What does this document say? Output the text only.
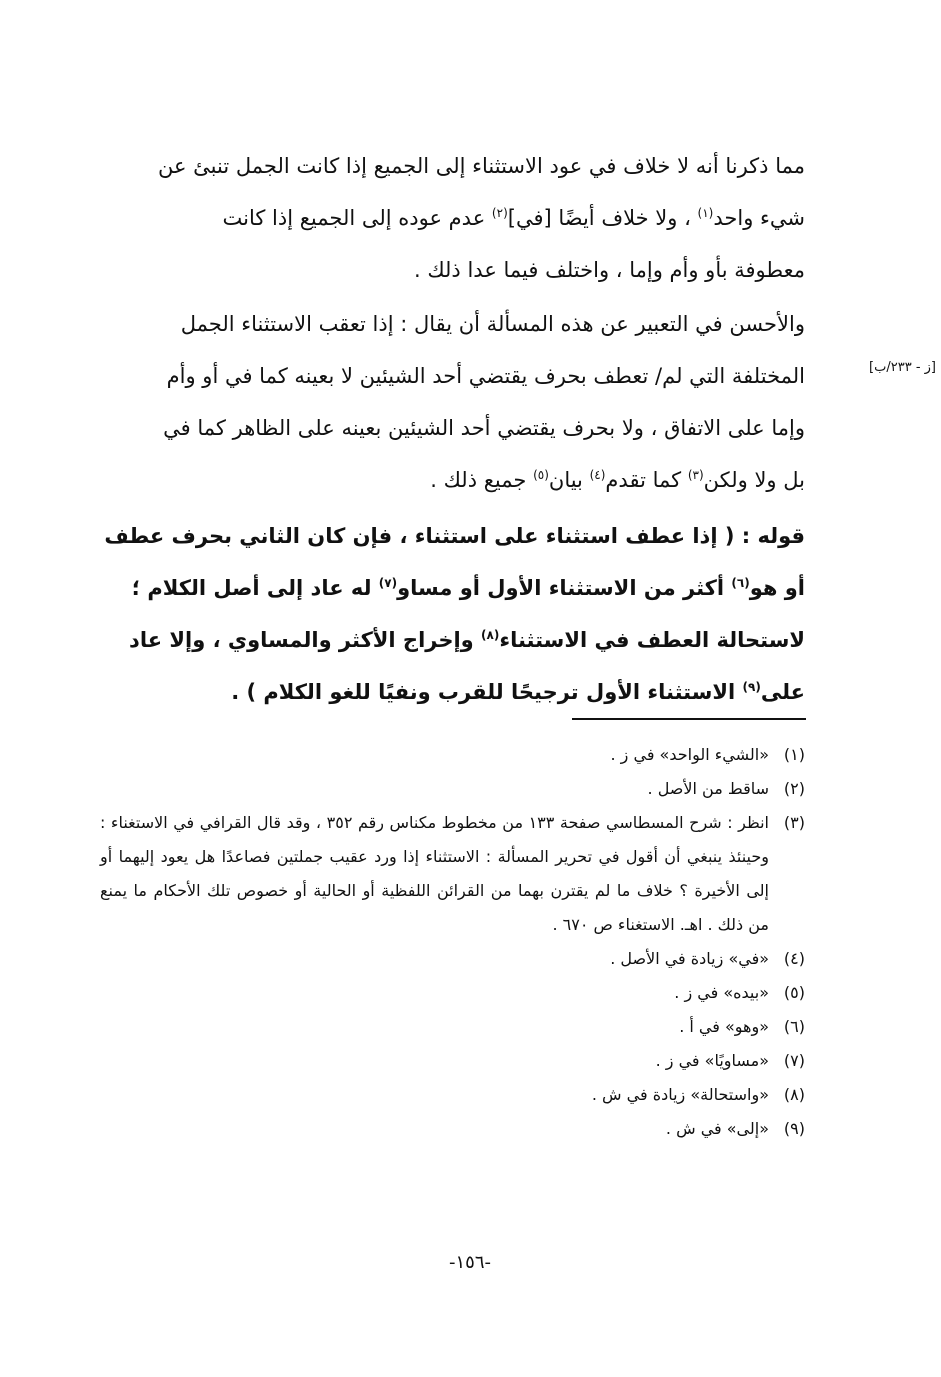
مما ذكرنا أنه لا خلاف في عود الاستثناء إلى الجميع إذا كانت الجمل تنبئ عن
شيء واحد$^{(١)}$ ، ولا خلاف أيضًا [في]$^{(٢)}$ عدم عوده إلى الجميع إذا كانت
معطوفة بأو وأم وإما ، واختلف فيما عدا ذلك .
والأحسن في التعبير عن هذه المسألة أن يقال : إذا تعقب الاستثناء الجمل
المختلفة التي لم/ تعطف بحرف يقتضي أحد الشيئين لا بعينه كما في أو وأم
وإما على الاتفاق ، ولا بحرف يقتضي أحد الشيئين بعينه على الظاهر كما في
بل ولا ولكن$^{(٣)}$ كما تقدم$^{(٤)}$ بيان$^{(٥)}$ جميع ذلك .
[ز - ٢٣٣/ب]
قوله : ( إذا عطف استثناء على استثناء ، فإن كان الثاني بحرف عطف
أو هو$^{(٦)}$ أكثر من الاستثناء الأول أو مساو$^{(٧)}$ له عاد إلى أصل الكلام ؛
لاستحالة العطف في الاستثناء$^{(٨)}$ وإخراج الأكثر والمساوي ، وإلا عاد
على$^{(٩)}$ الاستثناء الأول ترجيحًا للقرب ونفيًا للغو الكلام ) .
(١)
«الشيء الواحد» في ز .
(٢)
ساقط من الأصل .
(٣)
انظر : شرح المسطاسي صفحة ١٣٣ من مخطوط مكناس رقم ٣٥٢ ، وقد قال القرافي في الاستغناء : وحينئذ ينبغي أن أقول في تحرير المسألة : الاستثناء إذا ورد عقيب جملتين فصاعدًا هل يعود إليهما أو إلى الأخيرة ؟ خلاف ما لم يقترن بهما من القرائن اللفظية أو الحالية أو خصوص تلك الأحكام ما يمنع من ذلك . اهـ. الاستغناء ص ٦٧٠ .
(٤)
«في» زيادة في الأصل .
(٥)
«بيده» في ز .
(٦)
«وهو» في أ .
(٧)
«مساويًا» في ز .
(٨)
«واستحالة» زيادة في ش .
(٩)
«إلى» في ش .
-١٥٦-
